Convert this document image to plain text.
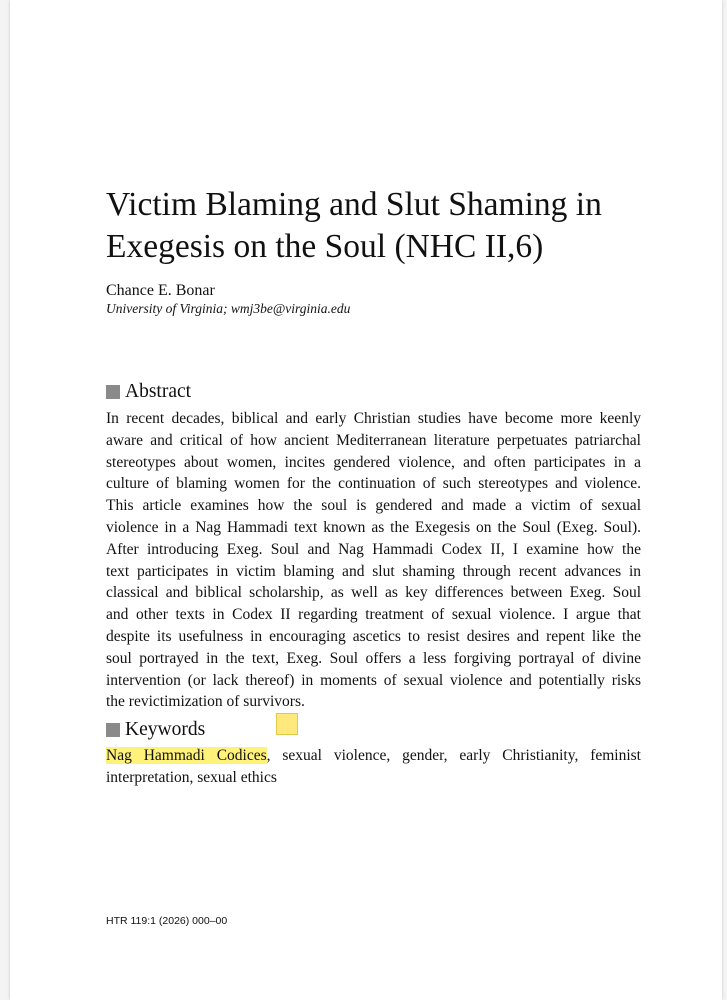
Victim Blaming and Slut Shaming in
Exegesis on the Soul (NHC II,6)
Chance E. Bonar
University of Virginia; wmj3be@virginia.edu
Abstract
In recent decades, biblical and early Christian studies have become more keenly
aware and critical of how ancient Mediterranean literature perpetuates patriarchal
stereotypes about women, incites gendered violence, and often participates in a
culture of blaming women for the continuation of such stereotypes and violence.
This article examines how the soul is gendered and made a victim of sexual
violence in a Nag Hammadi text known as the Exegesis on the Soul (Exeg. Soul).
After introducing Exeg. Soul and Nag Hammadi Codex II, I examine how the
text participates in victim blaming and slut shaming through recent advances in
classical and biblical scholarship, as well as key differences between Exeg. Soul
and other texts in Codex II regarding treatment of sexual violence. I argue that
despite its usefulness in encouraging ascetics to resist desires and repent like the
soul portrayed in the text, Exeg. Soul offers a less forgiving portrayal of divine
intervention (or lack thereof) in moments of sexual violence and potentially risks
the revictimization of survivors.
Keywords
Nag Hammadi Codices, sexual violence, gender, early Christianity, feminist
interpretation, sexual ethics
HTR 119:1 (2026) 000–00
